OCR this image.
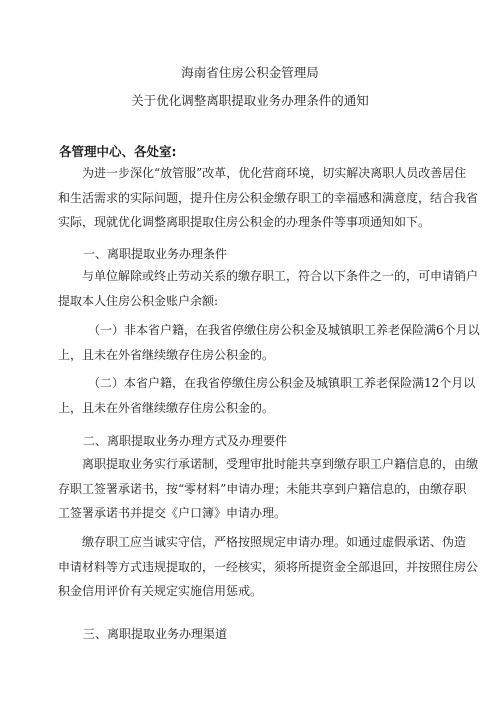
海南省住房公积金管理局
关于优化调整离职提取业务办理条件的通知
各管理中心、各处室:
为进一步深化“放管服”改革，优化营商环境，切实解决离职人员改善居住
和生活需求的实际问题，提升住房公积金缴存职工的幸福感和满意度，结合我省
实际，现就优化调整离职提取住房公积金的办理条件等事项通知如下。
一、离职提取业务办理条件
与单位解除或终止劳动关系的缴存职工，符合以下条件之一的，可申请销户
提取本人住房公积金账户余额:
（一）非本省户籍，在我省停缴住房公积金及城镇职工养老保险满6个月以
上，且未在外省继续缴存住房公积金的。
（二）本省户籍，在我省停缴住房公积金及城镇职工养老保险满12个月以
上，且未在外省继续缴存住房公积金的。
二、离职提取业务办理方式及办理要件
离职提取业务实行承诺制，受理审批时能共享到缴存职工户籍信息的，由缴
存职工签署承诺书，按“零材料”申请办理；未能共享到户籍信息的，由缴存职
工签署承诺书并提交《户口簿》申请办理。
缴存职工应当诚实守信，严格按照规定申请办理。如通过虚假承诺、伪造
申请材料等方式违规提取的，一经核实，须将所提资金全部退回，并按照住房公
积金信用评价有关规定实施信用惩戒。
三、离职提取业务办理渠道
